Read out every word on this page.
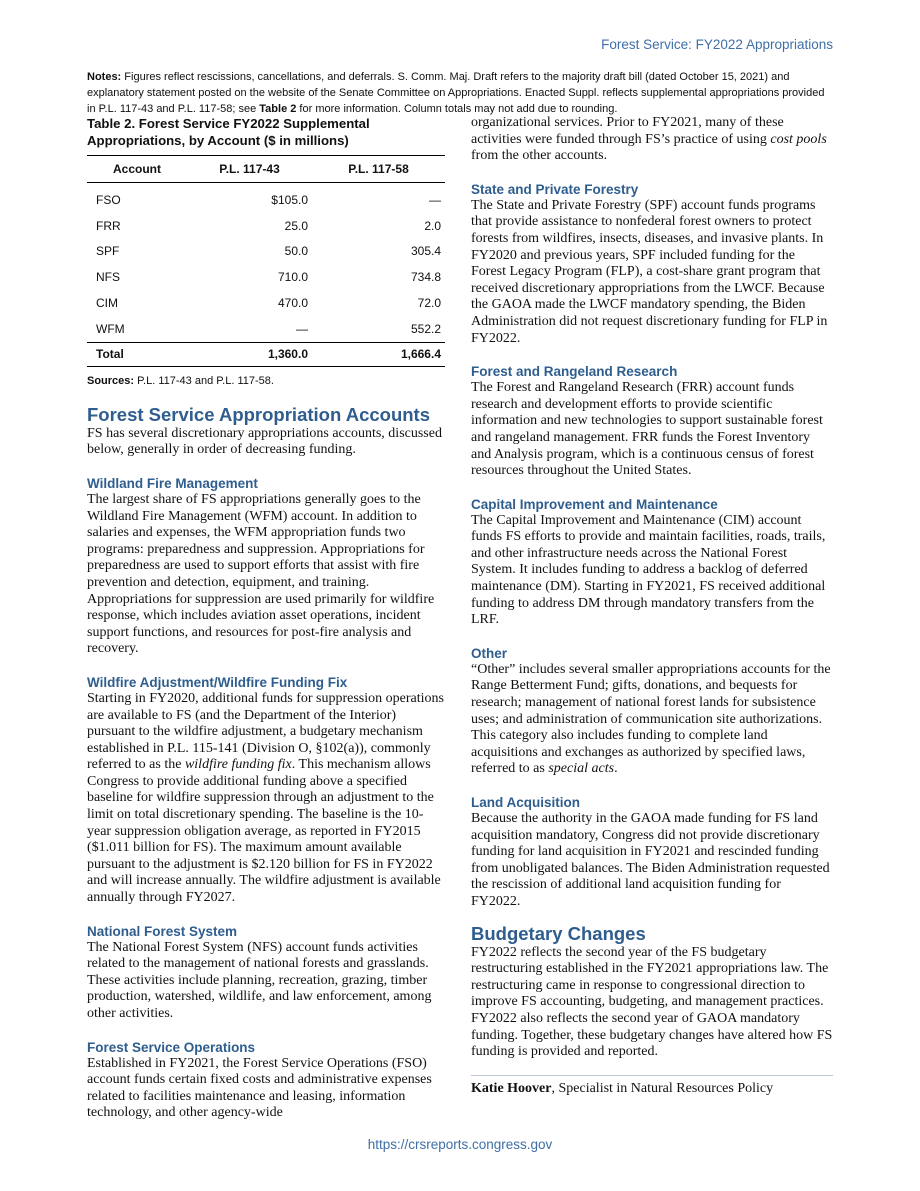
Forest Service: FY2022 Appropriations
Notes: Figures reflect rescissions, cancellations, and deferrals. S. Comm. Maj. Draft refers to the majority draft bill (dated October 15, 2021) and explanatory statement posted on the website of the Senate Committee on Appropriations. Enacted Suppl. reflects supplemental appropriations provided in P.L. 117-43 and P.L. 117-58; see Table 2 for more information. Column totals may not add due to rounding.
Table 2. Forest Service FY2022 Supplemental Appropriations, by Account ($ in millions)
Account	P.L. 117-43	P.L. 117-58
FSO	$105.0	—
FRR	25.0	2.0
SPF	50.0	305.4
NFS	710.0	734.8
CIM	470.0	72.0
WFM	—	552.2
Total	1,360.0	1,666.4
Sources: P.L. 117-43 and P.L. 117-58.
Forest Service Appropriation Accounts

FS has several discretionary appropriations accounts, discussed below, generally in order of decreasing funding.

Wildland Fire Management

The largest share of FS appropriations generally goes to the Wildland Fire Management (WFM) account. In addition to salaries and expenses, the WFM appropriation funds two programs: preparedness and suppression. Appropriations for preparedness are used to support efforts that assist with fire prevention and detection, equipment, and training. Appropriations for suppression are used primarily for wildfire response, which includes aviation asset operations, incident support functions, and resources for post-fire analysis and recovery.

Wildfire Adjustment/Wildfire Funding Fix

Starting in FY2020, additional funds for suppression operations are available to FS (and the Department of the Interior) pursuant to the wildfire adjustment, a budgetary mechanism established in P.L. 115-141 (Division O, §102(a)), commonly referred to as the wildfire funding fix. This mechanism allows Congress to provide additional funding above a specified baseline for wildfire suppression through an adjustment to the limit on total discretionary spending. The baseline is the 10-year suppression obligation average, as reported in FY2015 ($1.011 billion for FS). The maximum amount available pursuant to the adjustment is $2.120 billion for FS in FY2022 and will increase annually. The wildfire adjustment is available annually through FY2027.

National Forest System

The National Forest System (NFS) account funds activities related to the management of national forests and grasslands. These activities include planning, recreation, grazing, timber production, watershed, wildlife, and law enforcement, among other activities.

Forest Service Operations

Established in FY2021, the Forest Service Operations (FSO) account funds certain fixed costs and administrative expenses related to facilities maintenance and leasing, information technology, and other agency-wide

organizational services. Prior to FY2021, many of these activities were funded through FS’s practice of using cost pools from the other accounts.

State and Private Forestry

The State and Private Forestry (SPF) account funds programs that provide assistance to nonfederal forest owners to protect forests from wildfires, insects, diseases, and invasive plants. In FY2020 and previous years, SPF included funding for the Forest Legacy Program (FLP), a cost-share grant program that received discretionary appropriations from the LWCF. Because the GAOA made the LWCF mandatory spending, the Biden Administration did not request discretionary funding for FLP in FY2022.

Forest and Rangeland Research

The Forest and Rangeland Research (FRR) account funds research and development efforts to provide scientific information and new technologies to support sustainable forest and rangeland management. FRR funds the Forest Inventory and Analysis program, which is a continuous census of forest resources throughout the United States.

Capital Improvement and Maintenance

The Capital Improvement and Maintenance (CIM) account funds FS efforts to provide and maintain facilities, roads, trails, and other infrastructure needs across the National Forest System. It includes funding to address a backlog of deferred maintenance (DM). Starting in FY2021, FS received additional funding to address DM through mandatory transfers from the LRF.

Other

“Other” includes several smaller appropriations accounts for the Range Betterment Fund; gifts, donations, and bequests for research; management of national forest lands for subsistence uses; and administration of communication site authorizations. This category also includes funding to complete land acquisitions and exchanges as authorized by specified laws, referred to as special acts.

Land Acquisition

Because the authority in the GAOA made funding for FS land acquisition mandatory, Congress did not provide discretionary funding for land acquisition in FY2021 and rescinded funding from unobligated balances. The Biden Administration requested the rescission of additional land acquisition funding for FY2022.

Budgetary Changes

FY2022 reflects the second year of the FS budgetary restructuring established in the FY2021 appropriations law. The restructuring came in response to congressional direction to improve FS accounting, budgeting, and management practices. FY2022 also reflects the second year of GAOA mandatory funding. Together, these budgetary changes have altered how FS funding is provided and reported.

Katie Hoover, Specialist in Natural Resources Policy
https://crsreports.congress.gov
